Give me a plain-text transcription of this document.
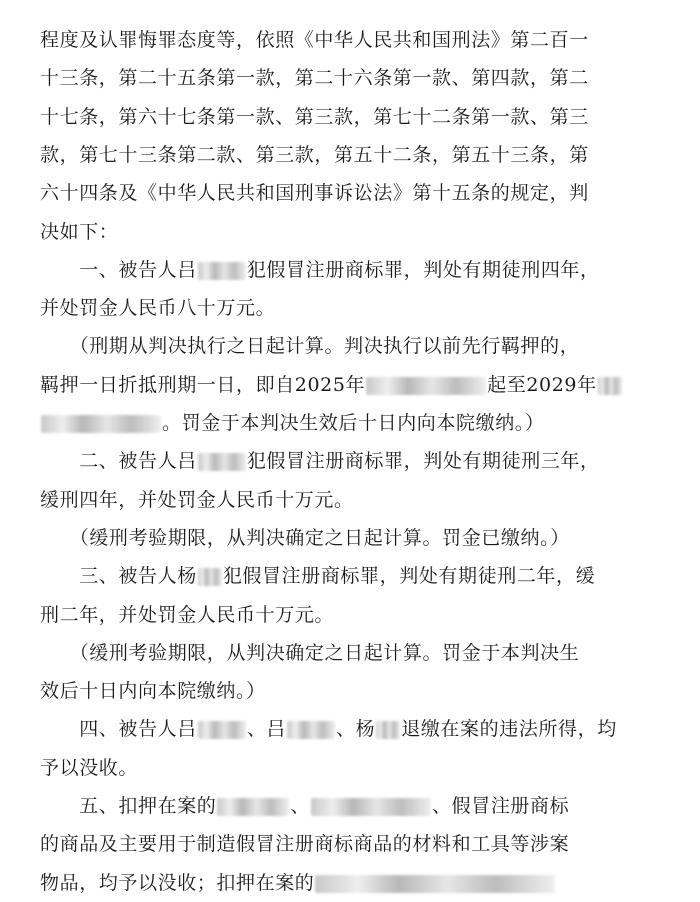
程度及认罪悔罪态度等，依照《中华人民共和国刑法》第二百一
十三条，第二十五条第一款，第二十六条第一款、第四款，第二
十七条，第六十七条第一款、第三款，第七十二条第一款、第三
款，第七十三条第二款、第三款，第五十二条，第五十三条，第
六十四条及《中华人民共和国刑事诉讼法》第十五条的规定，判
决如下：
　　一、被告人吕	犯假冒注册商标罪，判处有期徒刑四年，
并处罚金人民币八十万元。
　　（刑期从判决执行之日起计算。判决执行以前先行羁押的，
羁押一日折抵刑期一日，即自2025年	起至2029年
。罚金于本判决生效后十日内向本院缴纳。）
　　二、被告人吕	犯假冒注册商标罪，判处有期徒刑三年，
缓刑四年，并处罚金人民币十万元。
　　（缓刑考验期限，从判决确定之日起计算。罚金已缴纳。）
　　三、被告人杨 犯假冒注册商标罪，判处有期徒刑二年，缓
刑二年，并处罚金人民币十万元。
　　（缓刑考验期限，从判决确定之日起计算。罚金于本判决生
效后十日内向本院缴纳。）
　　四、被告人吕	、吕	、杨 退缴在案的违法所得，均
予以没收。
　　五、扣押在案的	、	、假冒注册商标
的商品及主要用于制造假冒注册商标商品的材料和工具等涉案
物品，均予以没收；扣押在案的
